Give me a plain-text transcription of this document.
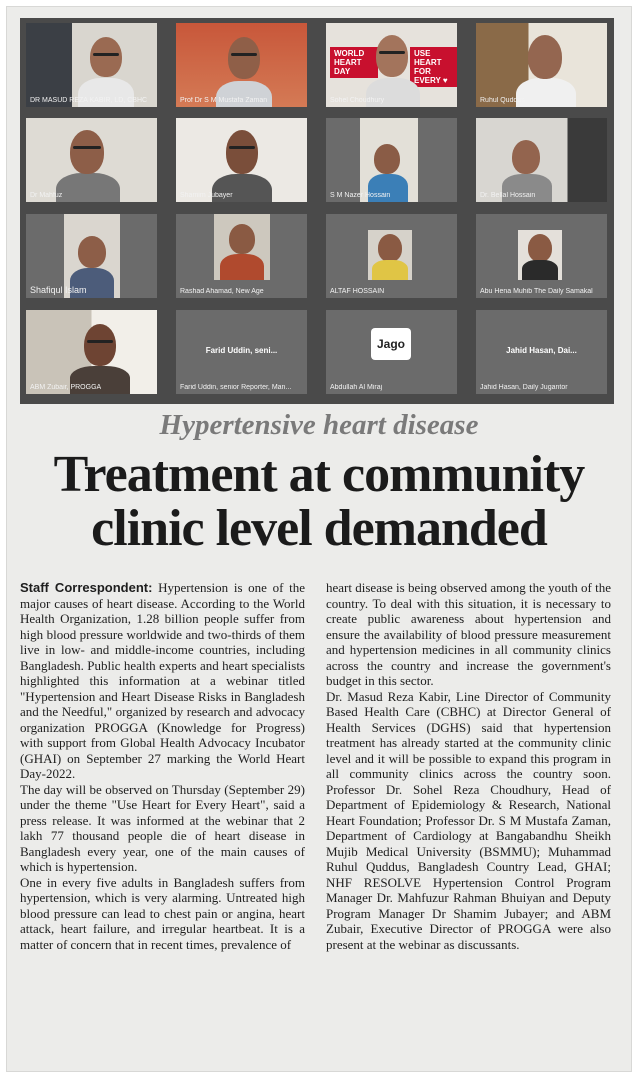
DR MASUD REZA KABIR, LD, CBHC	Prof Dr S M Mustafa Zaman
WORLD HEART DAY
USE HEART FOR EVERY ♥
Sohel Choudhury	Ruhul Quddus
Dr Mahfuz	Shamim Jubayer	S M Nazer Hossain	Dr. Bellal Hossain
Shafiqul Islam	Rashad Ahamad, New Age	ALTAF HOSSAIN	Abu Hena Muhib The Daily Samakal
ABM Zubair, PROGGA
Farid Uddin, seni...
Farid Uddin, senior Reporter, Man...
Jago
Abdullah Al Miraj
Jahid Hasan, Dai...
Jahid Hasan, Daily Jugantor
Hypertensive heart disease
Treatment at community
clinic level demanded

Staff Correspondent: Hypertension is one of the major causes of heart disease. According to the World Health Organization, 1.28 billion people suffer from high blood pressure worldwide and two-thirds of them live in low- and middle-income countries, including Bangladesh. Public health experts and heart specialists highlighted this information at a webinar titled "Hypertension and Heart Disease Risks in Bangladesh and the Needful," organized by research and advocacy organization PROGGA (Knowledge for Progress) with support from Global Health Advocacy Incubator (GHAI) on September 27 marking the World Heart Day-2022.

The day will be observed on Thursday (September 29) under the theme "Use Heart for Every Heart", said a press release. It was informed at the webinar that 2 lakh 77 thousand people die of heart disease in Bangladesh every year, one of the main causes of which is hypertension.

One in every five adults in Bangladesh suffers from hypertension, which is very alarming. Untreated high blood pressure can lead to chest pain or angina, heart attack, heart failure, and irregular heartbeat. It is a matter of concern that in recent times, prevalence of

heart disease is being observed among the youth of the country. To deal with this situation, it is necessary to create public awareness about hypertension and ensure the availability of blood pressure measurement and hypertension medicines in all community clinics across the country and increase the government's budget in this sector.

Dr. Masud Reza Kabir, Line Director of Community Based Health Care (CBHC) at Director General of Health Services (DGHS) said that hypertension treatment has already started at the community clinic level and it will be possible to expand this program in all community clinics across the country soon. Professor Dr. Sohel Reza Choudhury, Head of Department of Epidemiology & Research, National Heart Foundation; Professor Dr. S M Mustafa Zaman, Department of Cardiology at Bangabandhu Sheikh Mujib Medical University (BSMMU); Muhammad Ruhul Quddus, Bangladesh Country Lead, GHAI; NHF RESOLVE Hypertension Control Program Manager Dr. Mahfuzur Rahman Bhuiyan and Deputy Program Manager Dr Shamim Jubayer; and ABM Zubair, Executive Director of PROGGA were also present at the webinar as discussants.
